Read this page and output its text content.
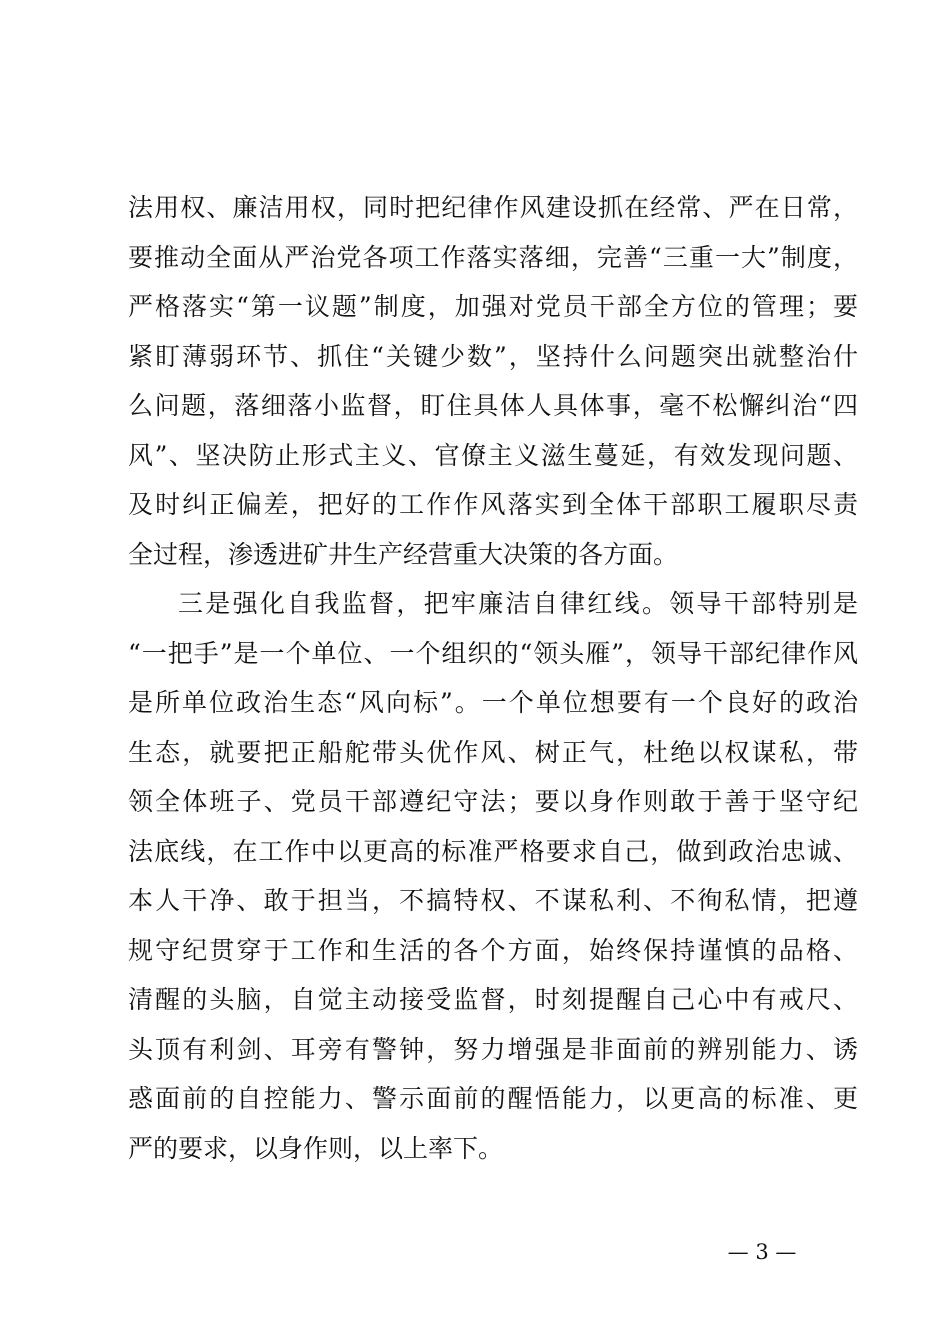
法用权、廉洁用权，同时把纪律作风建设抓在经常、严在日常，
要推动全面从严治党各项工作落实落细，完善“三重一大”制度，
严格落实“第一议题”制度，加强对党员干部全方位的管理；要
紧盯薄弱环节、抓住“关键少数”，坚持什么问题突出就整治什
么问题，落细落小监督，盯住具体人具体事，毫不松懈纠治“四
风”、坚决防止形式主义、官僚主义滋生蔓延，有效发现问题、
及时纠正偏差，把好的工作作风落实到全体干部职工履职尽责
全过程，渗透进矿井生产经营重大决策的各方面。
三是强化自我监督，把牢廉洁自律红线。领导干部特别是
“一把手”是一个单位、一个组织的“领头雁”，领导干部纪律作风
是所单位政治生态“风向标”。一个单位想要有一个良好的政治
生态，就要把正船舵带头优作风、树正气，杜绝以权谋私，带
领全体班子、党员干部遵纪守法；要以身作则敢于善于坚守纪
法底线，在工作中以更高的标准严格要求自己，做到政治忠诚、
本人干净、敢于担当，不搞特权、不谋私利、不徇私情，把遵
规守纪贯穿于工作和生活的各个方面，始终保持谨慎的品格、
清醒的头脑，自觉主动接受监督，时刻提醒自己心中有戒尺、
头顶有利剑、耳旁有警钟，努力增强是非面前的辨别能力、诱
惑面前的自控能力、警示面前的醒悟能力，以更高的标准、更
严的要求，以身作则，以上率下。
— 3 —
